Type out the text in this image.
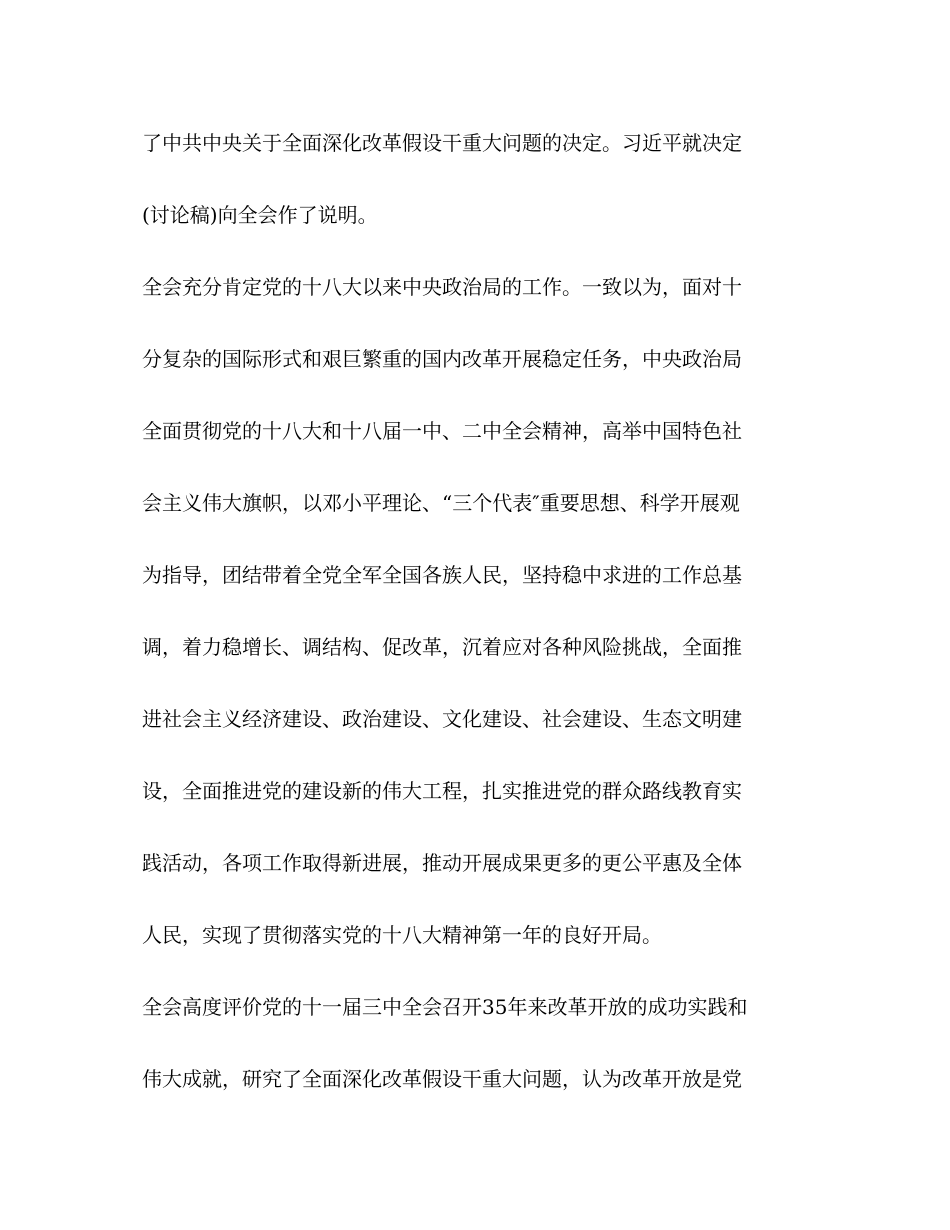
了中共中央关于全面深化改革假设干重大问题的决定。习近平就决定
(讨论稿)向全会作了说明。
全会充分肯定党的十八大以来中央政治局的工作。一致以为，面对十
分复杂的国际形式和艰巨繁重的国内改革开展稳定任务，中央政治局
全面贯彻党的十八大和十八届一中、二中全会精神，高举中国特色社
会主义伟大旗帜，以邓小平理论、“三个代表″重要思想、科学开展观
为指导，团结带着全党全军全国各族人民，坚持稳中求进的工作总基
调，着力稳增长、调结构、促改革，沉着应对各种风险挑战，全面推
进社会主义经济建设、政治建设、文化建设、社会建设、生态文明建
设，全面推进党的建设新的伟大工程，扎实推进党的群众路线教育实
践活动，各项工作取得新进展，推动开展成果更多的更公平惠及全体
人民，实现了贯彻落实党的十八大精神第一年的良好开局。
全会高度评价党的十一届三中全会召开35年来改革开放的成功实践和
伟大成就，研究了全面深化改革假设干重大问题，认为改革开放是党
